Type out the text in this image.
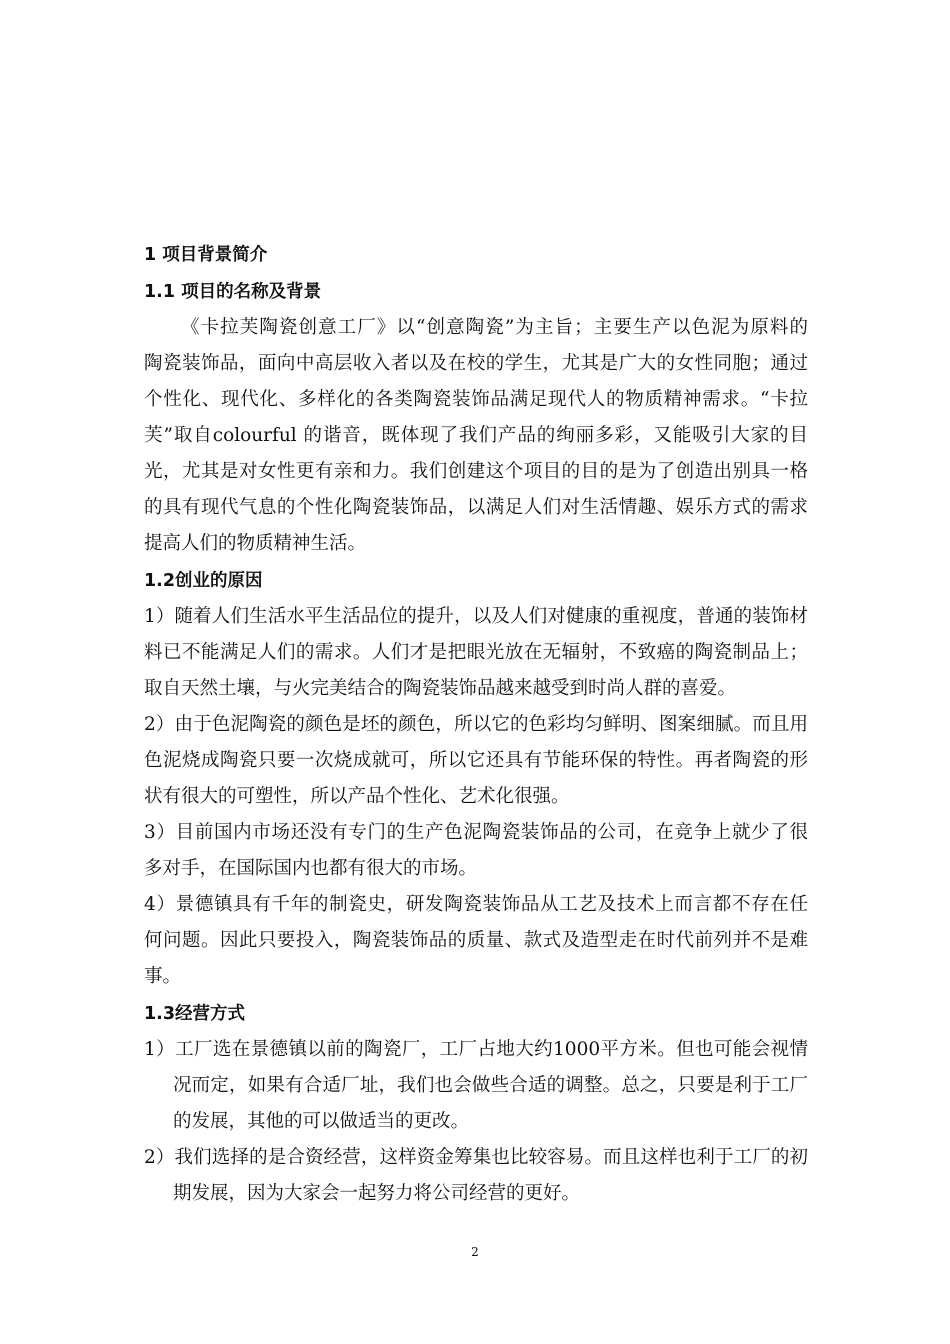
1 项目背景简介

1.1 项目的名称及背景

《卡拉芙陶瓷创意工厂》以“创意陶瓷”为主旨；主要生产以色泥为原料的

陶瓷装饰品，面向中高层收入者以及在校的学生，尤其是广大的女性同胞；通过

个性化、现代化、多样化的各类陶瓷装饰品满足现代人的物质精神需求。“卡拉

芙”取自colourful 的谐音，既体现了我们产品的绚丽多彩，又能吸引大家的目

光，尤其是对女性更有亲和力。我们创建这个项目的目的是为了创造出别具一格

的具有现代气息的个性化陶瓷装饰品，以满足人们对生活情趣、娱乐方式的需求

提高人们的物质精神生活。

1.2创业的原因

1）随着人们生活水平生活品位的提升，以及人们对健康的重视度，普通的装饰材

料已不能满足人们的需求。人们才是把眼光放在无辐射，不致癌的陶瓷制品上；

取自天然土壤，与火完美结合的陶瓷装饰品越来越受到时尚人群的喜爱。

2）由于色泥陶瓷的颜色是坯的颜色，所以它的色彩均匀鲜明、图案细腻。而且用

色泥烧成陶瓷只要一次烧成就可，所以它还具有节能环保的特性。再者陶瓷的形

状有很大的可塑性，所以产品个性化、艺术化很强。

3）目前国内市场还没有专门的生产色泥陶瓷装饰品的公司，在竞争上就少了很

多对手，在国际国内也都有很大的市场。

4）景德镇具有千年的制瓷史，研发陶瓷装饰品从工艺及技术上而言都不存在任

何问题。因此只要投入，陶瓷装饰品的质量、款式及造型走在时代前列并不是难

事。

1.3经营方式

1）工厂选在景德镇以前的陶瓷厂，工厂占地大约1000平方米。但也可能会视情

况而定，如果有合适厂址，我们也会做些合适的调整。总之，只要是利于工厂

的发展，其他的可以做适当的更改。

2）我们选择的是合资经营，这样资金筹集也比较容易。而且这样也利于工厂的初

期发展，因为大家会一起努力将公司经营的更好。

2
